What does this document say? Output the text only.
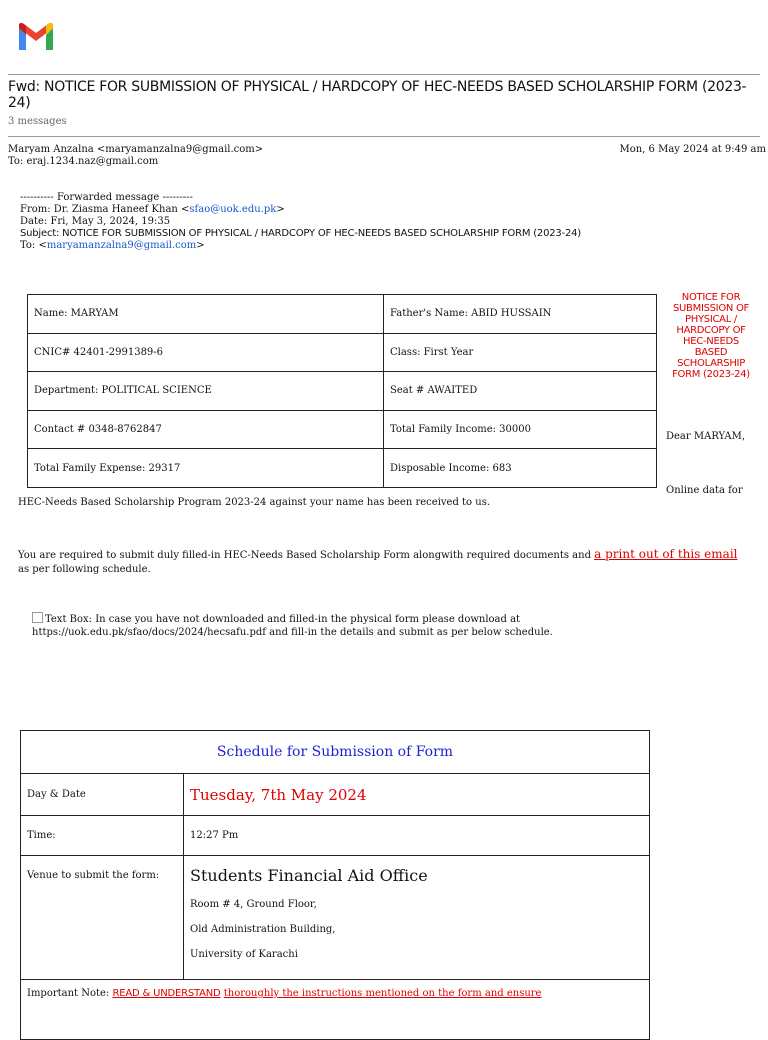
Fwd: NOTICE FOR SUBMISSION OF PHYSICAL / HARDCOPY OF HEC-NEEDS BASED SCHOLARSHIP FORM (2023-24)
3 messages
Maryam Anzalna <maryamanzalna9@gmail.com>
To: eraj.1234.naz@gmail.com
Mon, 6 May 2024 at 9:49 am
---------- Forwarded message ---------
From: Dr. Ziasma Haneef Khan <sfao@uok.edu.pk>
Date: Fri, May 3, 2024, 19:35
Subject: NOTICE FOR SUBMISSION OF PHYSICAL / HARDCOPY OF HEC-NEEDS BASED SCHOLARSHIP FORM (2023-24)
To: <maryamanzalna9@gmail.com>
Name: MARYAM	Father's Name: ABID HUSSAIN
CNIC# 42401-2991389-6	Class: First Year
Department: POLITICAL SCIENCE	Seat # AWAITED
Contact # 0348-8762847	Total Family Income: 30000
Total Family Expense: 29317	Disposable Income: 683
NOTICE FOR SUBMISSION OF PHYSICAL / HARDCOPY OF HEC-NEEDS BASED SCHOLARSHIP FORM (2023-24)
Dear MARYAM,
Online data for
HEC-Needs Based Scholarship Program 2023-24 against your name has been received to us.
You are required to submit duly filled-in HEC-Needs Based Scholarship Form alongwith required documents and a print out of this email
as per following schedule.
Text Box: In case you have not downloaded and filled-in the physical form please download at
https://uok.edu.pk/sfao/docs/2024/hecsafu.pdf and fill-in the details and submit as per below schedule.
Schedule for Submission of Form	
Day & Date	Tuesday, 7th May 2024
Time:	12:27 Pm
Venue to submit the form:	Students Financial Aid Office
Room # 4, Ground Floor,
Old Administration Building,
University of Karachi

Important Note: READ & UNDERSTAND thoroughly the instructions mentioned on the form and ensure	
